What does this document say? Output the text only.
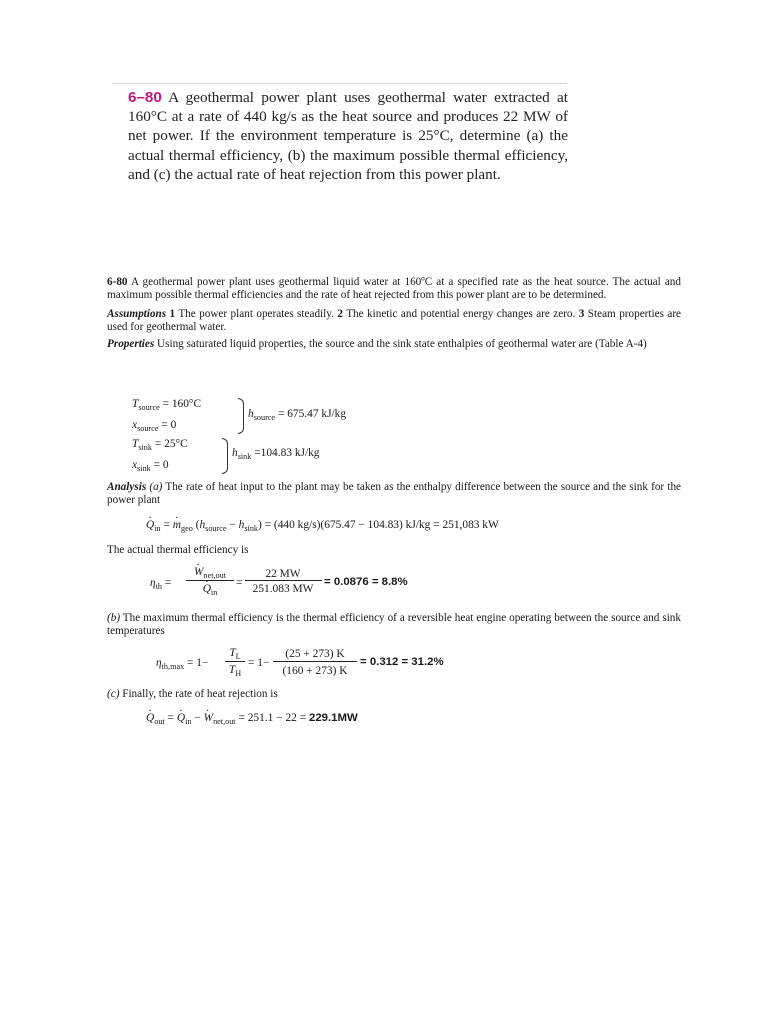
6–80 A geothermal power plant uses geothermal water extracted at 160°C at a rate of 440 kg/s as the heat source and produces 22 MW of net power. If the environment temperature is 25°C, determine (a) the actual thermal efficiency, (b) the maximum possible thermal efficiency, and (c) the actual rate of heat rejection from this power plant.

6-80 A geothermal power plant uses geothermal liquid water at 160ºC at a specified rate as the heat source. The actual and maximum possible thermal efficiencies and the rate of heat rejected from this power plant are to be determined.

Assumptions 1 The power plant operates steadily. 2 The kinetic and potential energy changes are zero. 3 Steam properties are used for geothermal water.

Properties Using saturated liquid properties, the source and the sink state enthalpies of geothermal water are (Table A-4)

$T_{source} = 160^\circ C$
$x_{source} = 0$
$h_{source} = 675.47$ kJ/kg
$T_{sink} = 25^\circ C$
$x_{sink} = 0$
$h_{sink} =104.83$ kJ/kg

Analysis (a) The rate of heat input to the plant may be taken as the enthalpy difference between the source and the sink for the power plant

· $Q_{in}$ = · $m_{geo}$ $(h_{source} - h_{sink}) = (440$ kg/s)(675.47 − 104.83) kJ/kg = 251,083 kW

The actual thermal efficiency is

$\eta_{th}$ =
· $W_{net,out}$
· $Q_{in}$
=
22 MW
251.083 MW
= 0.0876 = 8.8%

(b) The maximum thermal efficiency is the thermal efficiency of a reversible heat engine operating between the source and sink temperatures

$\eta_{th,max} = 1-$
$T_L$
$T_H$
= 1−
(25 + 273) K
(160 + 273) K
= 0.312 = 31.2%

(c) Finally, the rate of heat rejection is

· $Q_{out}$ = · $Q_{in}$ − · $W_{net,out} = 251.1 - 22 = 229.1MW$
